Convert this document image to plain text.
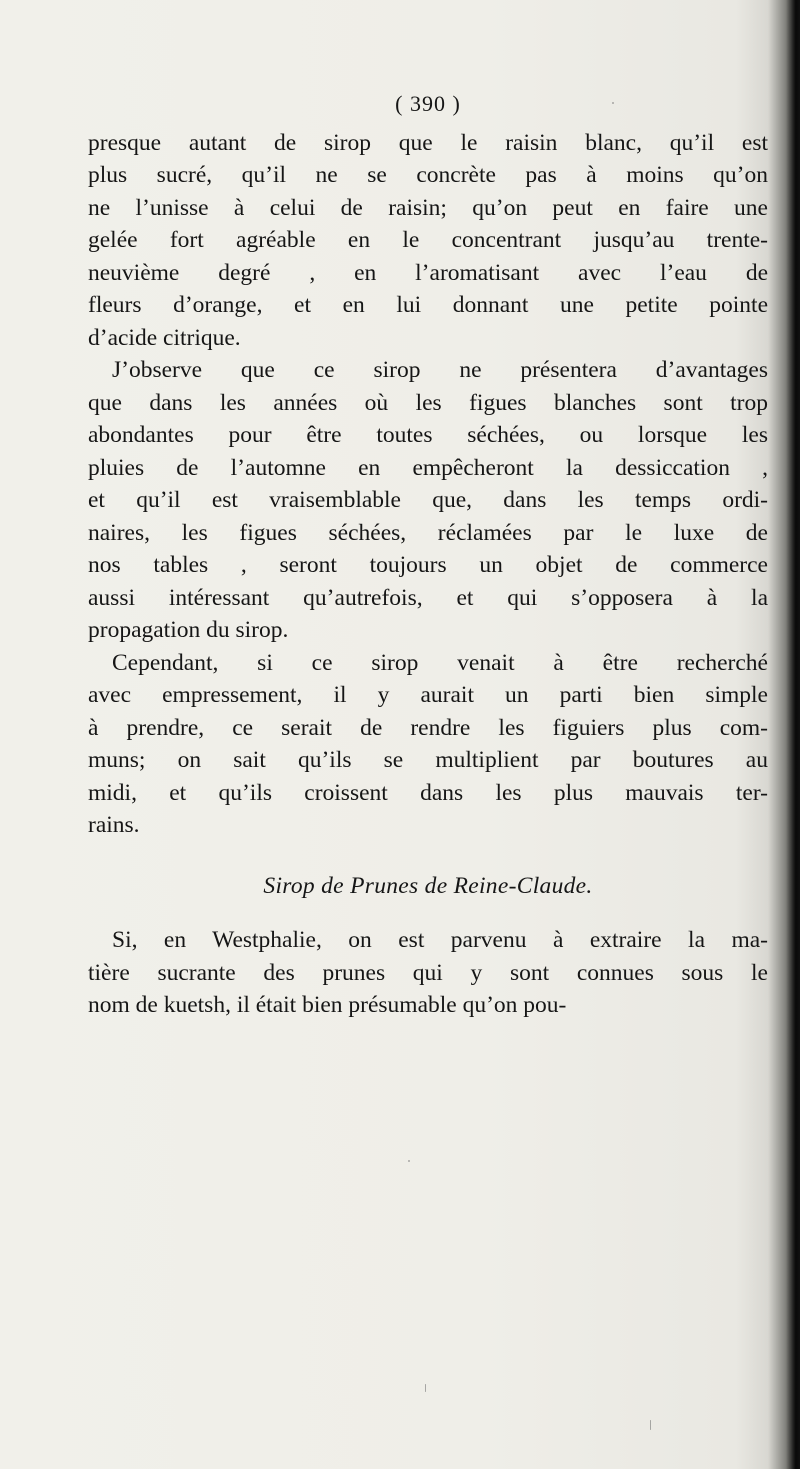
( 390 )

presque autant de sirop que le raisin blanc, qu’il est
plus sucré, qu’il ne se concrète pas à moins qu’on
ne l’unisse à celui de raisin; qu’on peut en faire une
gelée fort agréable en le concentrant jusqu’au trente-
neuvième degré , en l’aromatisant avec l’eau de
fleurs d’orange, et en lui donnant une petite pointe
d’acide citrique.

J’observe que ce sirop ne présentera d’avantages
que dans les années où les figues blanches sont trop
abondantes pour être toutes séchées, ou lorsque les
pluies de l’automne en empêcheront la dessiccation ,
et qu’il est vraisemblable que, dans les temps ordi-
naires, les figues séchées, réclamées par le luxe de
nos tables , seront toujours un objet de commerce
aussi intéressant qu’autrefois, et qui s’opposera à la
propagation du sirop.

Cependant, si ce sirop venait à être recherché
avec empressement, il y aurait un parti bien simple
à prendre, ce serait de rendre les figuiers plus com-
muns; on sait qu’ils se multiplient par boutures au
midi, et qu’ils croissent dans les plus mauvais ter-
rains.

Sirop de Prunes de Reine-Claude.

Si, en Westphalie, on est parvenu à extraire la ma-
tière sucrante des prunes qui y sont connues sous le
nom de kuetsh, il était bien présumable qu’on pou-
